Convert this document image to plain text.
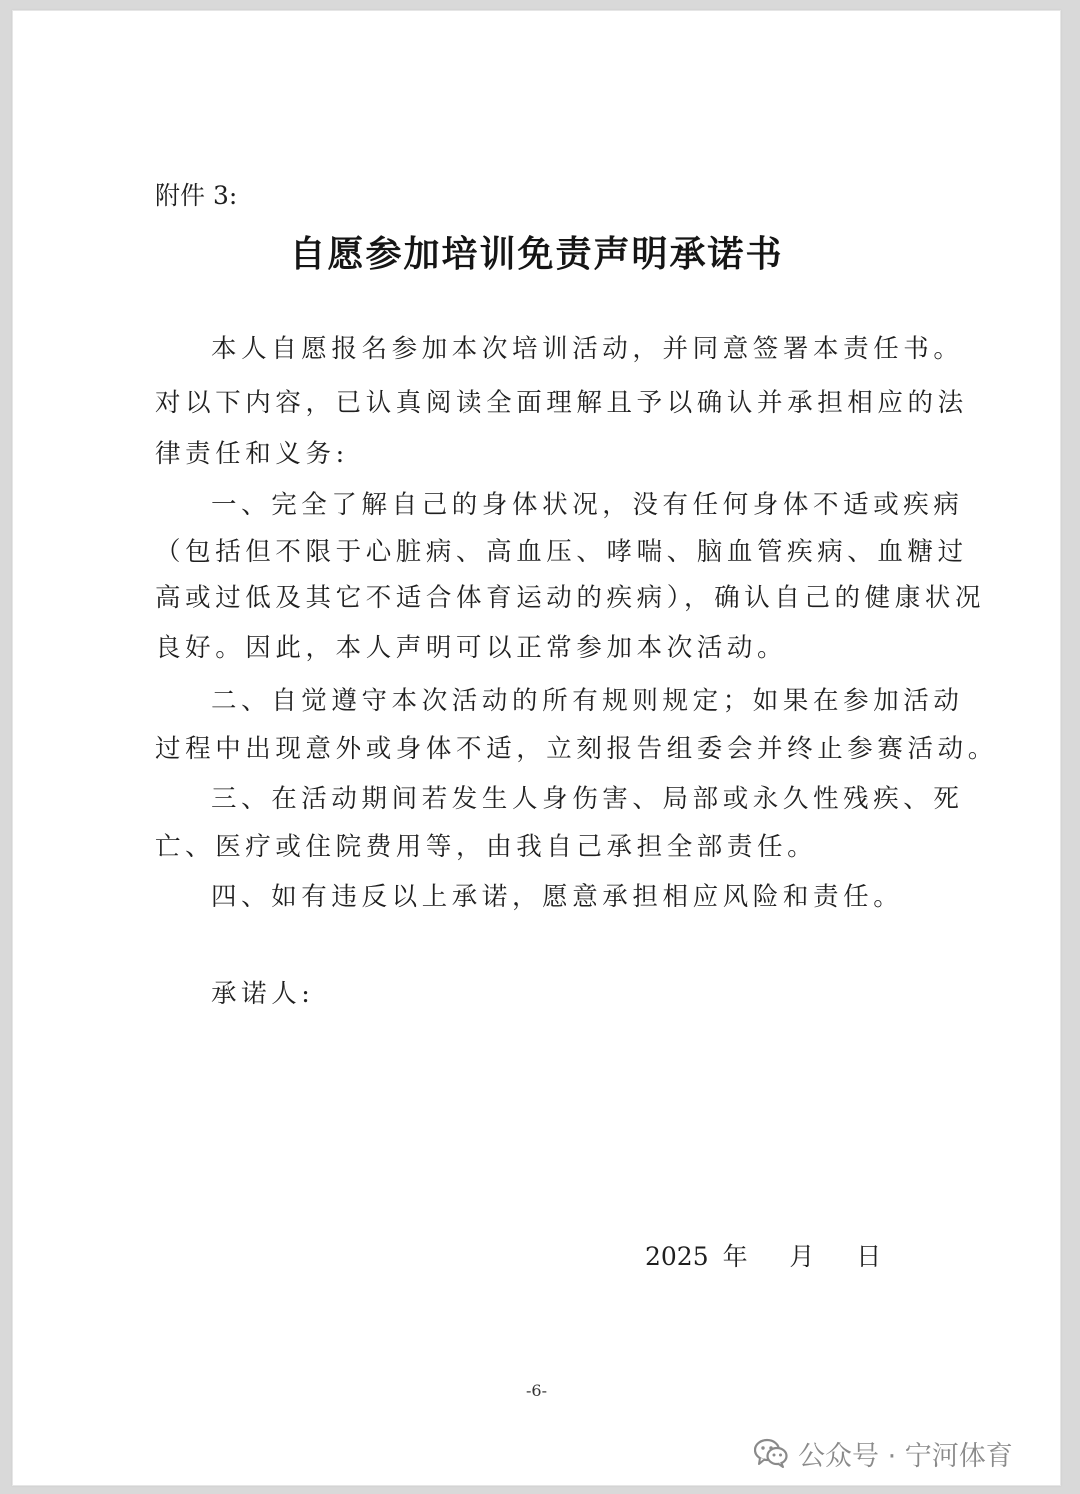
附件 3:
自愿参加培训免责声明承诺书
本人自愿报名参加本次培训活动，并同意签署本责任书。
对以下内容，已认真阅读全面理解且予以确认并承担相应的法
律责任和义务:
一、完全了解自己的身体状况，没有任何身体不适或疾病
（包括但不限于心脏病、高血压、哮喘、脑血管疾病、血糖过
高或过低及其它不适合体育运动的疾病），确认自己的健康状况
良好。因此，本人声明可以正常参加本次活动。
二、自觉遵守本次活动的所有规则规定；如果在参加活动
过程中出现意外或身体不适，立刻报告组委会并终止参赛活动。
三、在活动期间若发生人身伤害、局部或永久性残疾、死
亡、医疗或住院费用等，由我自己承担全部责任。
四、如有违反以上承诺，愿意承担相应风险和责任。
承诺人:
2025 年   月   日
-6-
公众号 · 宁河体育
